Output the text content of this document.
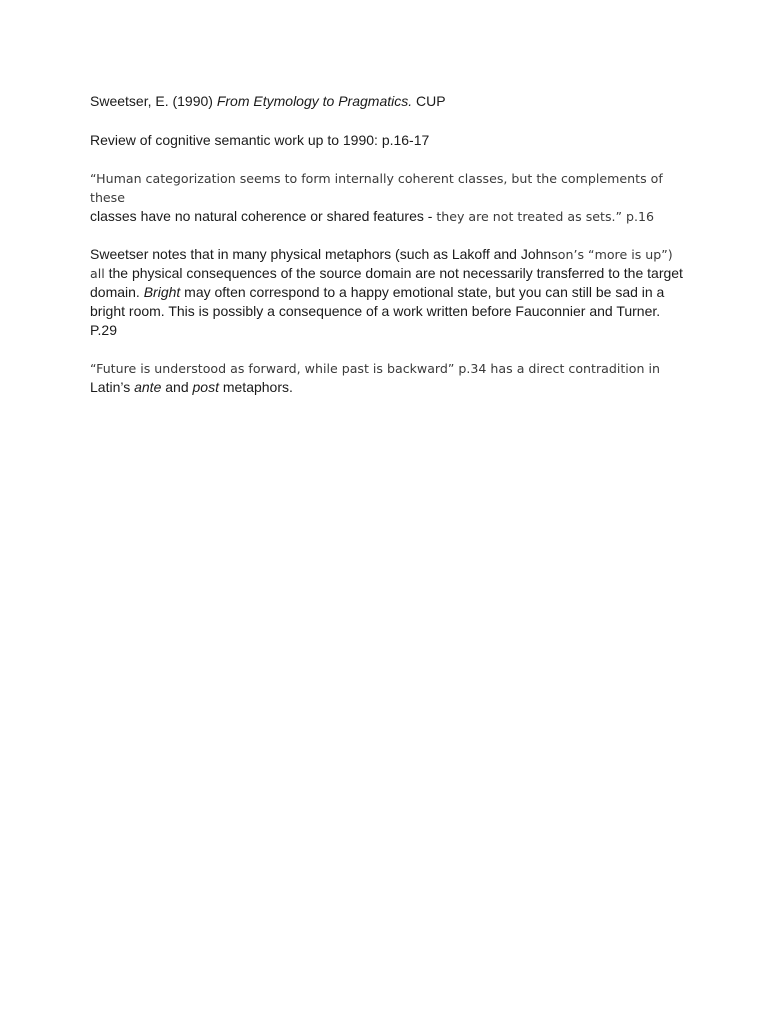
Sweetser, E. (1990) From Etymology to Pragmatics. CUP

Review of cognitive semantic work up to 1990: p.16-17

“Human categorization seems to form internally coherent classes, but the complements of these
classes have no natural coherence or shared features - they are not treated as sets.” p.16

Sweetser notes that in many physical metaphors (such as Lakoff and Johnson’s “more is up”) all the physical consequences of the source domain are not necessarily transferred to the target domain. Bright may often correspond to a happy emotional state, but you can still be sad in a bright room. This is possibly a consequence of a work written before Fauconnier and Turner. P.29

“Future is understood as forward, while past is backward” p.34 has a direct contradition in
Latin’s ante and post metaphors.
